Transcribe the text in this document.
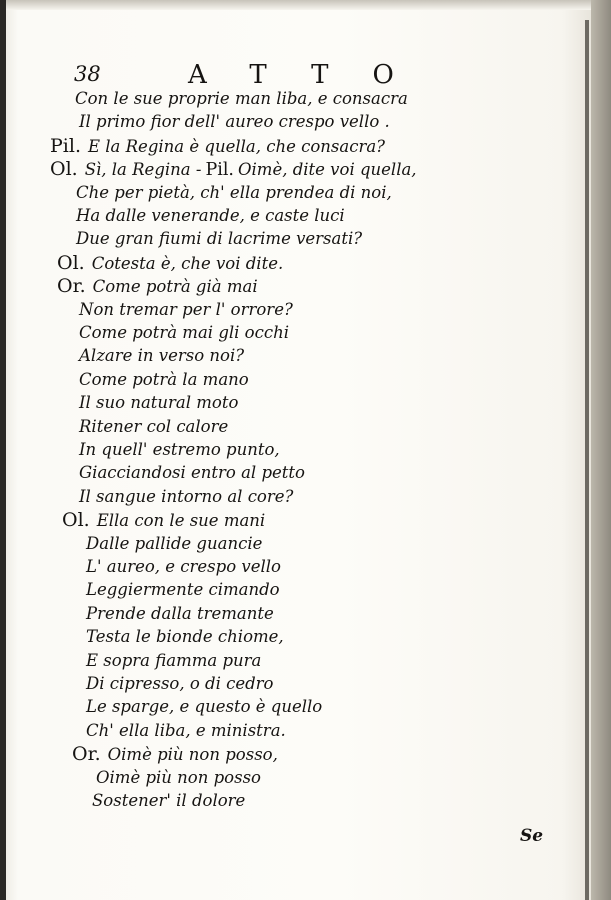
38	ATTO
Con le sue proprie man liba, e consacra
Il primo fior dell' aureo crespo vello .
Pil. E la Regina è quella, che consacra?
Ol. Sì, la Regina - Pil. Oimè, dite voi quella,
Che per pietà, ch' ella prendea di noi,
Ha dalle venerande, e caste luci
Due gran fiumi di lacrime versati?
Ol. Cotesta è, che voi dite.
Or. Come potrà già mai
Non tremar per l' orrore?
Come potrà mai gli occhi
Alzare in verso noi?
Come potrà la mano
Il suo natural moto
Ritener col calore
In quell' estremo punto,
Giacciandosi entro al petto
Il sangue intorno al core?
Ol. Ella con le sue mani
Dalle pallide guancie
L' aureo, e crespo vello
Leggiermente cimando
Prende dalla tremante
Testa le bionde chiome,
E sopra fiamma pura
Di cipresso, o di cedro
Le sparge, e questo è quello
Ch' ella liba, e ministra.
Or. Oimè più non posso,
Oimè più non posso
Sostener' il dolore
Se
